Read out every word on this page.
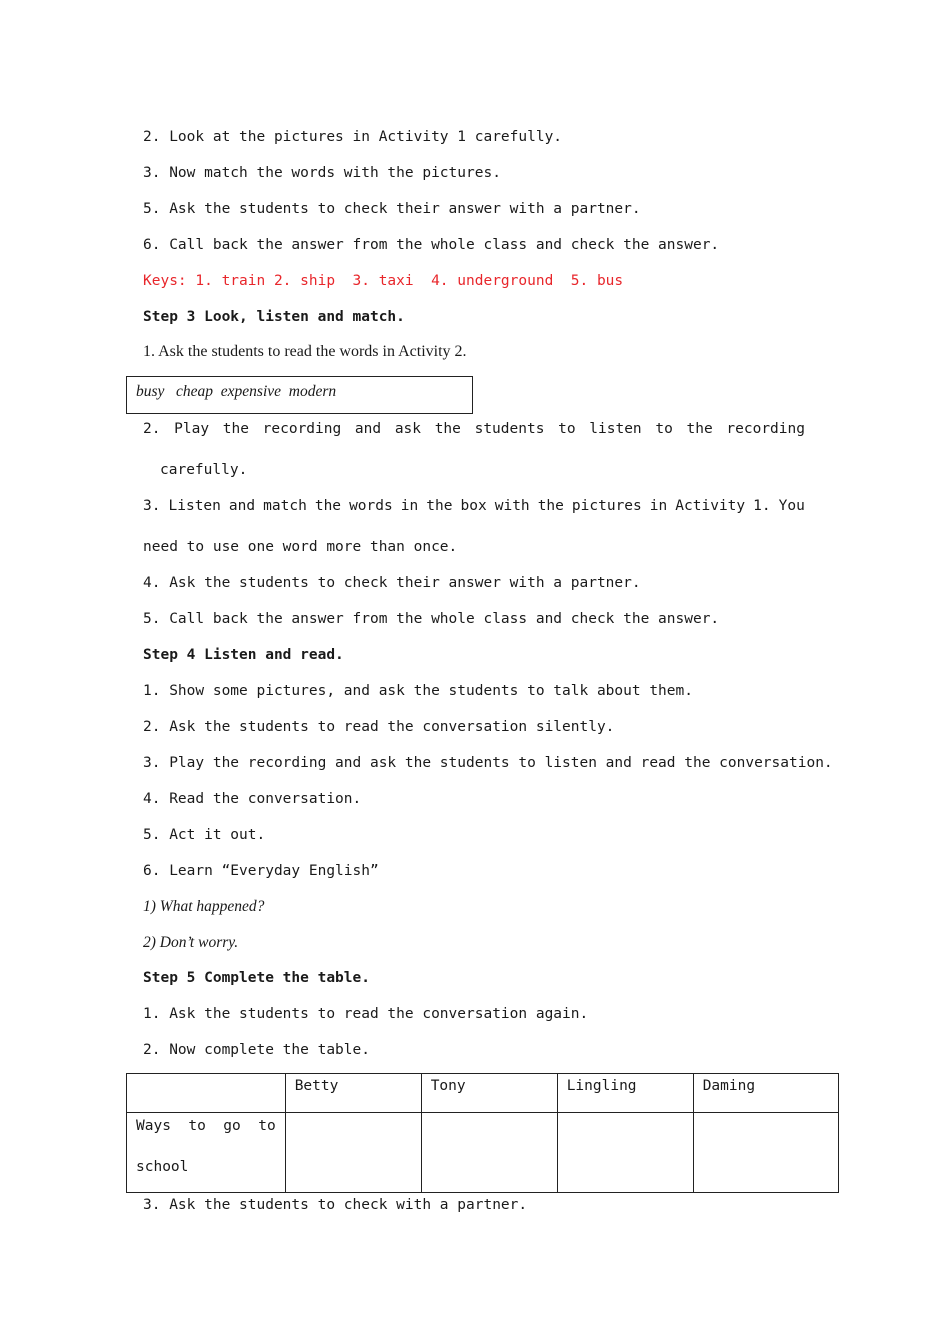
2. Look at the pictures in Activity 1 carefully.
3. Now match the words with the pictures.
5. Ask the students to check their answer with a partner.
6. Call back the answer from the whole class and check the answer.
Keys: 1. train 2. ship  3. taxi  4. underground  5. bus
Step 3 Look, listen and match.
1. Ask the students to read the words in Activity 2.
busy   cheap  expensive  modern
2. Play the recording and ask the students to listen to the recording
carefully.
3. Listen and match the words in the box with the pictures in Activity 1. You
need to use one word more than once.
4. Ask the students to check their answer with a partner.
5. Call back the answer from the whole class and check the answer.
Step 4 Listen and read.
1. Show some pictures, and ask the students to talk about them.
2. Ask the students to read the conversation silently.
3. Play the recording and ask the students to listen and read the conversation.
4. Read the conversation.
5. Act it out.
6. Learn “Everyday English”
1) What happened?
2) Don’t worry.
Step 5 Complete the table.
1. Ask the students to read the conversation again.
2. Now complete the table.
	Betty	Tony	Lingling	Daming

Ways  to  go  to
school				

3. Ask the students to check with a partner.
